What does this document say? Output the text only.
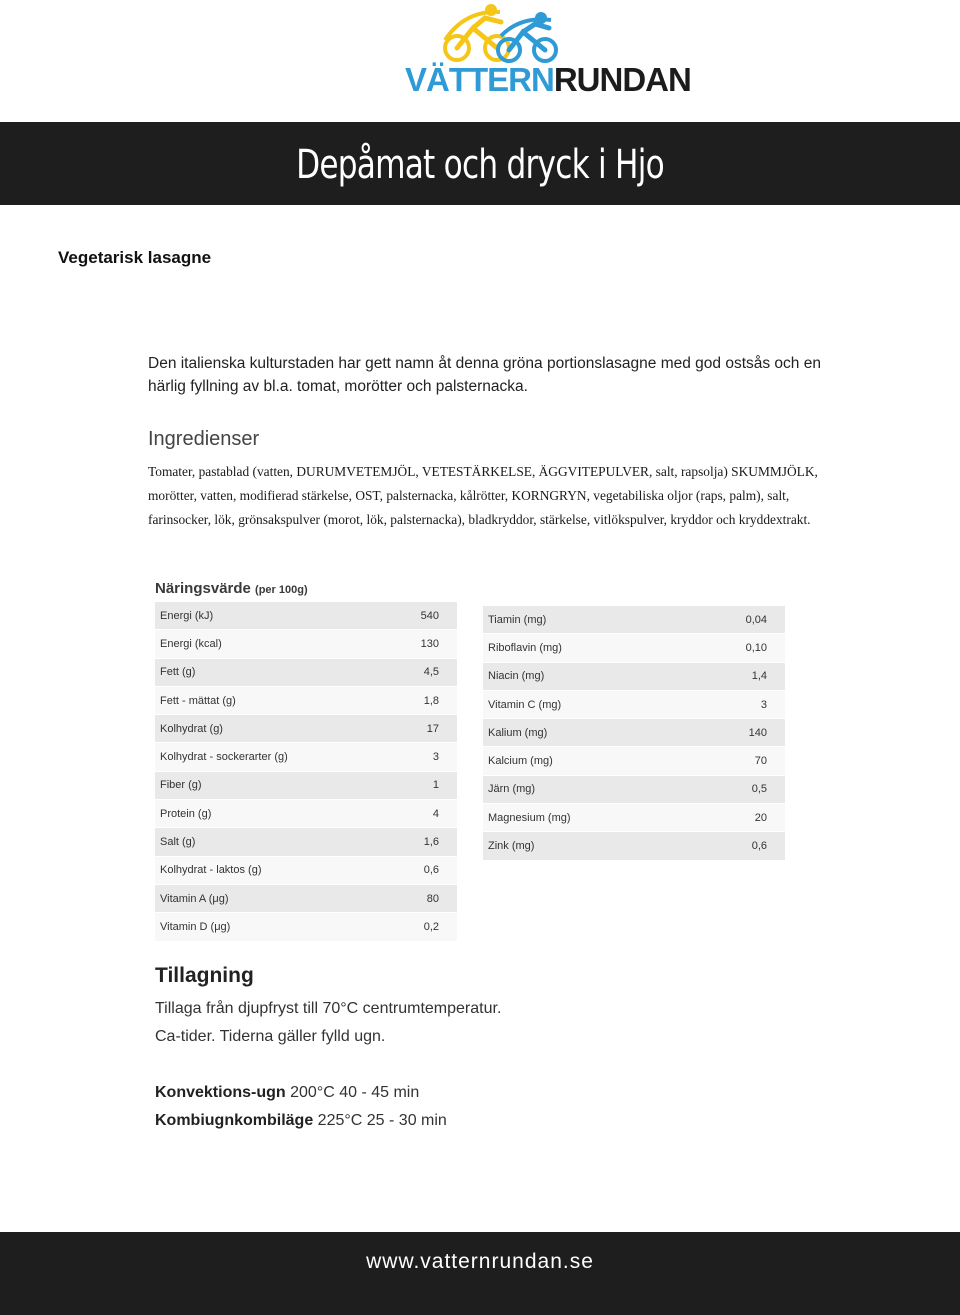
VÄTTERNRUNDAN
Depåmat och dryck i Hjo
Vegetarisk lasagne
Den italienska kulturstaden har gett namn åt denna gröna portionslasagne med god ostsås och en härlig fyllning av bl.a. tomat, morötter och palsternacka.
Ingredienser
Tomater, pastablad (vatten, DURUMVETEMJÖL, VETESTÄRKELSE, ÄGGVITEPULVER, salt, rapsolja) SKUMMJÖLK, morötter, vatten, modifierad stärkelse, OST, palsternacka, kålrötter, KORNGRYN, vegetabiliska oljor (raps, palm), salt, farinsocker, lök, grönsakspulver (morot, lök, palsternacka), bladkryddor, stärkelse, vitlökspulver, kryddor och kryddextrakt.
Näringsvärde (per 100g)
Energi (kJ)	540
Energi (kcal)	130
Fett (g)	4,5
Fett - mättat (g)	1,8
Kolhydrat (g)	17
Kolhydrat - sockerarter (g)	3
Fiber (g)	1
Protein (g)	4
Salt (g)	1,6
Kolhydrat - laktos (g)	0,6
Vitamin A (μg)	80
Vitamin D (μg)	0,2
Tiamin (mg)	0,04
Riboflavin (mg)	0,10
Niacin (mg)	1,4
Vitamin C (mg)	3
Kalium (mg)	140
Kalcium (mg)	70
Järn (mg)	0,5
Magnesium (mg)	20
Zink (mg)	0,6
Tillagning
Tillaga från djupfryst till 70°C centrumtemperatur.
Ca-tider. Tiderna gäller fylld ugn.
Konvektions-ugn 200°C 40 - 45 min
Kombiugnkombiläge 225°C 25 - 30 min
www.vatternrundan.se
